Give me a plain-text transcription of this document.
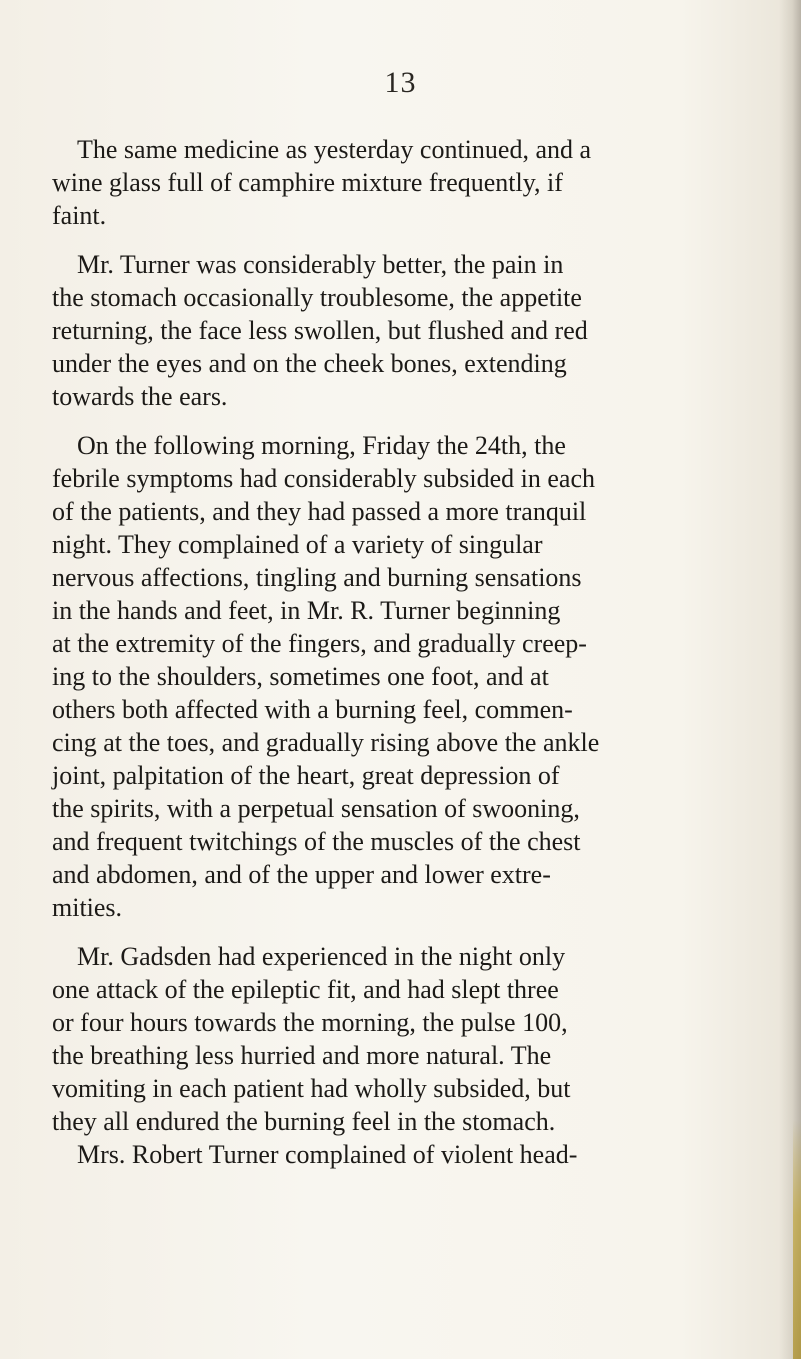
13

The same medicine as yesterday continued, and a
wine glass full of camphire mixture frequently, if
faint.

Mr. Turner was considerably better, the pain in
the stomach occasionally troublesome, the appetite
returning, the face less swollen, but flushed and red
under the eyes and on the cheek bones, extending
towards the ears.

On the following morning, Friday the 24th, the
febrile symptoms had considerably subsided in each
of the patients, and they had passed a more tranquil
night. They complained of a variety of singular
nervous affections, tingling and burning sensations
in the hands and feet, in Mr. R. Turner beginning
at the extremity of the fingers, and gradually creep-
ing to the shoulders, sometimes one foot, and at
others both affected with a burning feel, commen-
cing at the toes, and gradually rising above the ankle
joint, palpitation of the heart, great depression of
the spirits, with a perpetual sensation of swooning,
and frequent twitchings of the muscles of the chest
and abdomen, and of the upper and lower extre-
mities.

Mr. Gadsden had experienced in the night only
one attack of the epileptic fit, and had slept three
or four hours towards the morning, the pulse 100,
the breathing less hurried and more natural. The
vomiting in each patient had wholly subsided, but
they all endured the burning feel in the stomach.
Mrs. Robert Turner complained of violent head-
